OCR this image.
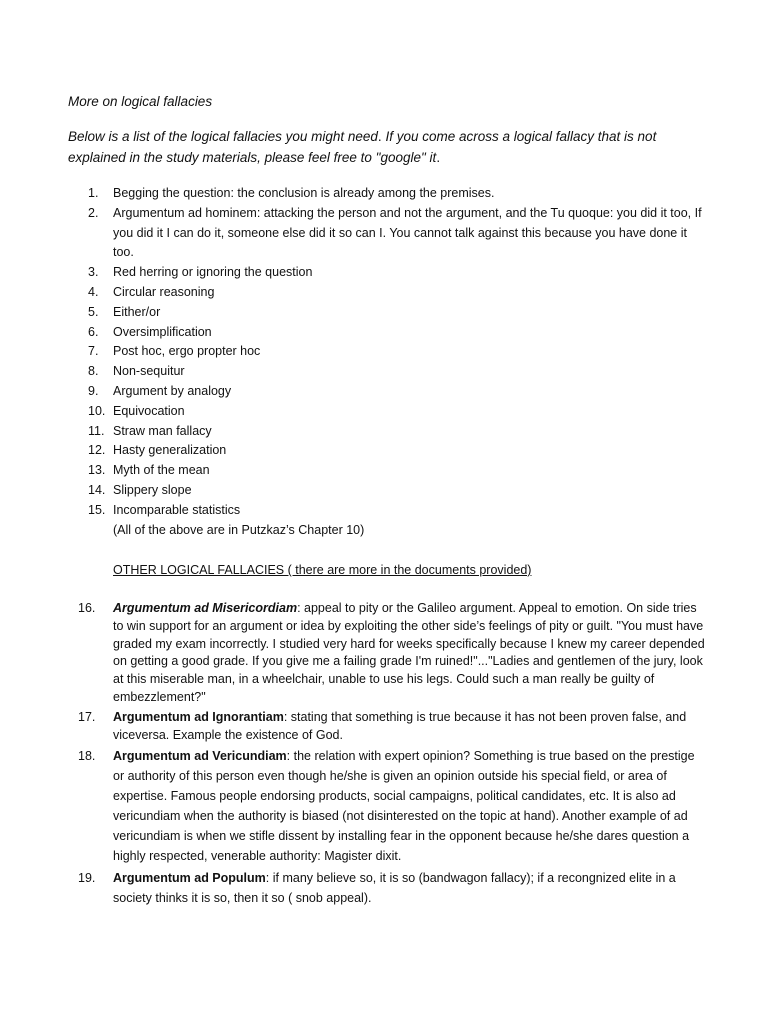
More on logical fallacies

Below is a list of the logical fallacies you might need. If you come across a logical fallacy that is not explained in the study materials, please feel free to "google" it.

1. Begging the question: the conclusion is already among the premises.
2. Argumentum ad hominem: attacking the person and not the argument, and the Tu quoque: you did it too, If you did it I can do it, someone else did it so can I. You cannot talk against this because you have done it too.
3. Red herring or ignoring the question
4. Circular reasoning
5. Either/or
6. Oversimplification
7. Post hoc, ergo propter hoc
8. Non-sequitur
9. Argument by analogy
10. Equivocation
11. Straw man fallacy
12. Hasty generalization
13. Myth of the mean
14. Slippery slope
15. Incomparable statistics
(All of the above are in Putzkaz’s Chapter 10)
OTHER LOGICAL FALLACIES ( there are more in the documents provided)
16. Argumentum ad Misericordiam: appeal to pity or the Galileo argument. Appeal to emotion. On side tries to win support for an argument or idea by exploiting the other side’s feelings of pity or guilt. "You must have graded my exam incorrectly. I studied very hard for weeks specifically because I knew my career depended on getting a good grade. If you give me a failing grade I'm ruined!"..."Ladies and gentlemen of the jury, look at this miserable man, in a wheelchair, unable to use his legs. Could such a man really be guilty of embezzlement?"
17. Argumentum ad Ignorantiam: stating that something is true because it has not been proven false, and viceversa. Example the existence of God.
18. Argumentum ad Vericundiam: the relation with expert opinion? Something is true based on the prestige or authority of this person even though he/she is given an opinion outside his special field, or area of expertise. Famous people endorsing products, social campaigns, political candidates, etc. It is also ad vericundiam when the authority is biased (not disinterested on the topic at hand). Another example of ad vericundiam is when we stifle dissent by installing fear in the opponent because he/she dares question a highly respected, venerable authority: Magister dixit.
19. Argumentum ad Populum: if many believe so, it is so (bandwagon fallacy); if a recongnized elite in a society thinks it is so, then it so ( snob appeal).
